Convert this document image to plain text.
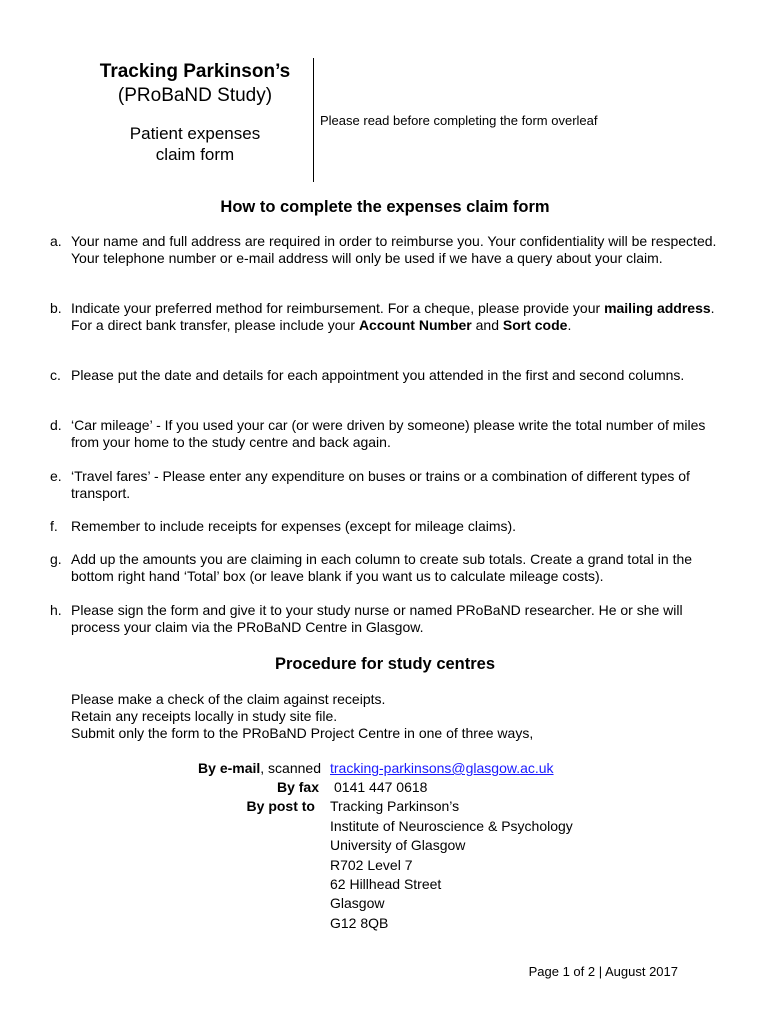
Tracking Parkinson’s
(PRoBaND Study)
Patient expenses
claim form
Please read before completing the form overleaf
How to complete the expenses claim form
a. Your name and full address are required in order to reimburse you. Your confidentiality will be respected. Your telephone number or e-mail address will only be used if we have a query about your claim.
b. Indicate your preferred method for reimbursement. For a cheque, please provide your mailing address. For a direct bank transfer, please include your Account Number and Sort code.
c. Please put the date and details for each appointment you attended in the first and second columns.
d. ‘Car mileage’ - If you used your car (or were driven by someone) please write the total number of miles from your home to the study centre and back again.
e. ‘Travel fares’ - Please enter any expenditure on buses or trains or a combination of different types of transport.
f. Remember to include receipts for expenses (except for mileage claims).
g. Add up the amounts you are claiming in each column to create sub totals. Create a grand total in the bottom right hand ‘Total’ box (or leave blank if you want us to calculate mileage costs).
h. Please sign the form and give it to your study nurse or named PRoBaND researcher. He or she will process your claim via the PRoBaND Centre in Glasgow.
Procedure for study centres
Please make a check of the claim against receipts.
Retain any receipts locally in study site file.
Submit only the form to the PRoBaND Project Centre in one of three ways,
By e-mail, scanned tracking-parkinsons@glasgow.ac.uk
By fax 0141 447 0618
By post to Tracking Parkinson’s
Institute of Neuroscience & Psychology
University of Glasgow
R702 Level 7
62 Hillhead Street
Glasgow
G12 8QB
Page 1 of 2 | August 2017
